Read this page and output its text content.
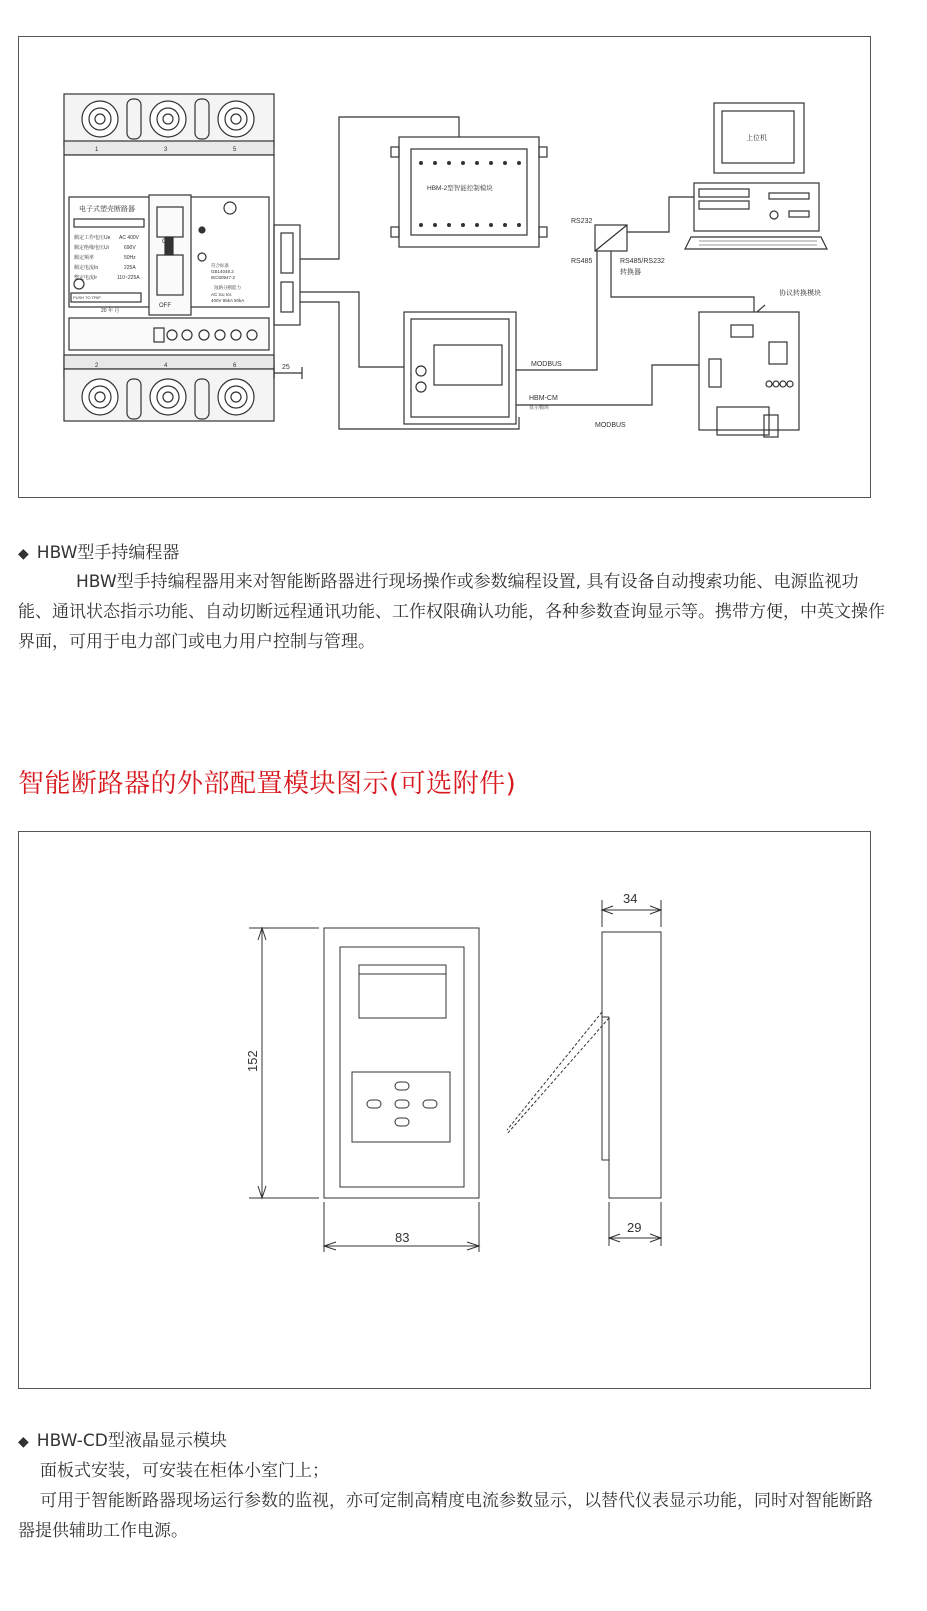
电子式塑壳断路器
额定工作电压Ue AC 400V
额定绝缘电压Ui	690V
额定频率	50Hz
额定电流In	225A
整定电流Ir	110~225A
1	3	5
2	4	6
ON
OFF
PUSH TO TRIP
20 年 月
符合标准
GB14048.2
IEC60947-2
短路分断能力
AC Icu Ics
400V 85kA 50kA
25
HBM-2型智能控制模块
上位机
RS232
RS485	RS485/RS232
转换器
协议转换模块
MODBUS
MODBUS
HBM-CM
显示模块
◆ HBW型手持编程器
HBW型手持编程器用来对智能断路器进行现场操作或参数编程设置, 具有设备自动搜索功能、电源监视功能、通讯状态指示功能、自动切断远程通讯功能、工作权限确认功能，各种参数查询显示等。携带方便，中英文操作界面，可用于电力部门或电力用户控制与管理。
智能断路器的外部配置模块图示(可选附件)
152
83
34
29
◆ HBW-CD型液晶显示模块
面板式安装，可安装在柜体小室门上；
可用于智能断路器现场运行参数的监视，亦可定制高精度电流参数显示，以替代仪表显示功能，同时对智能断路器提供辅助工作电源。
